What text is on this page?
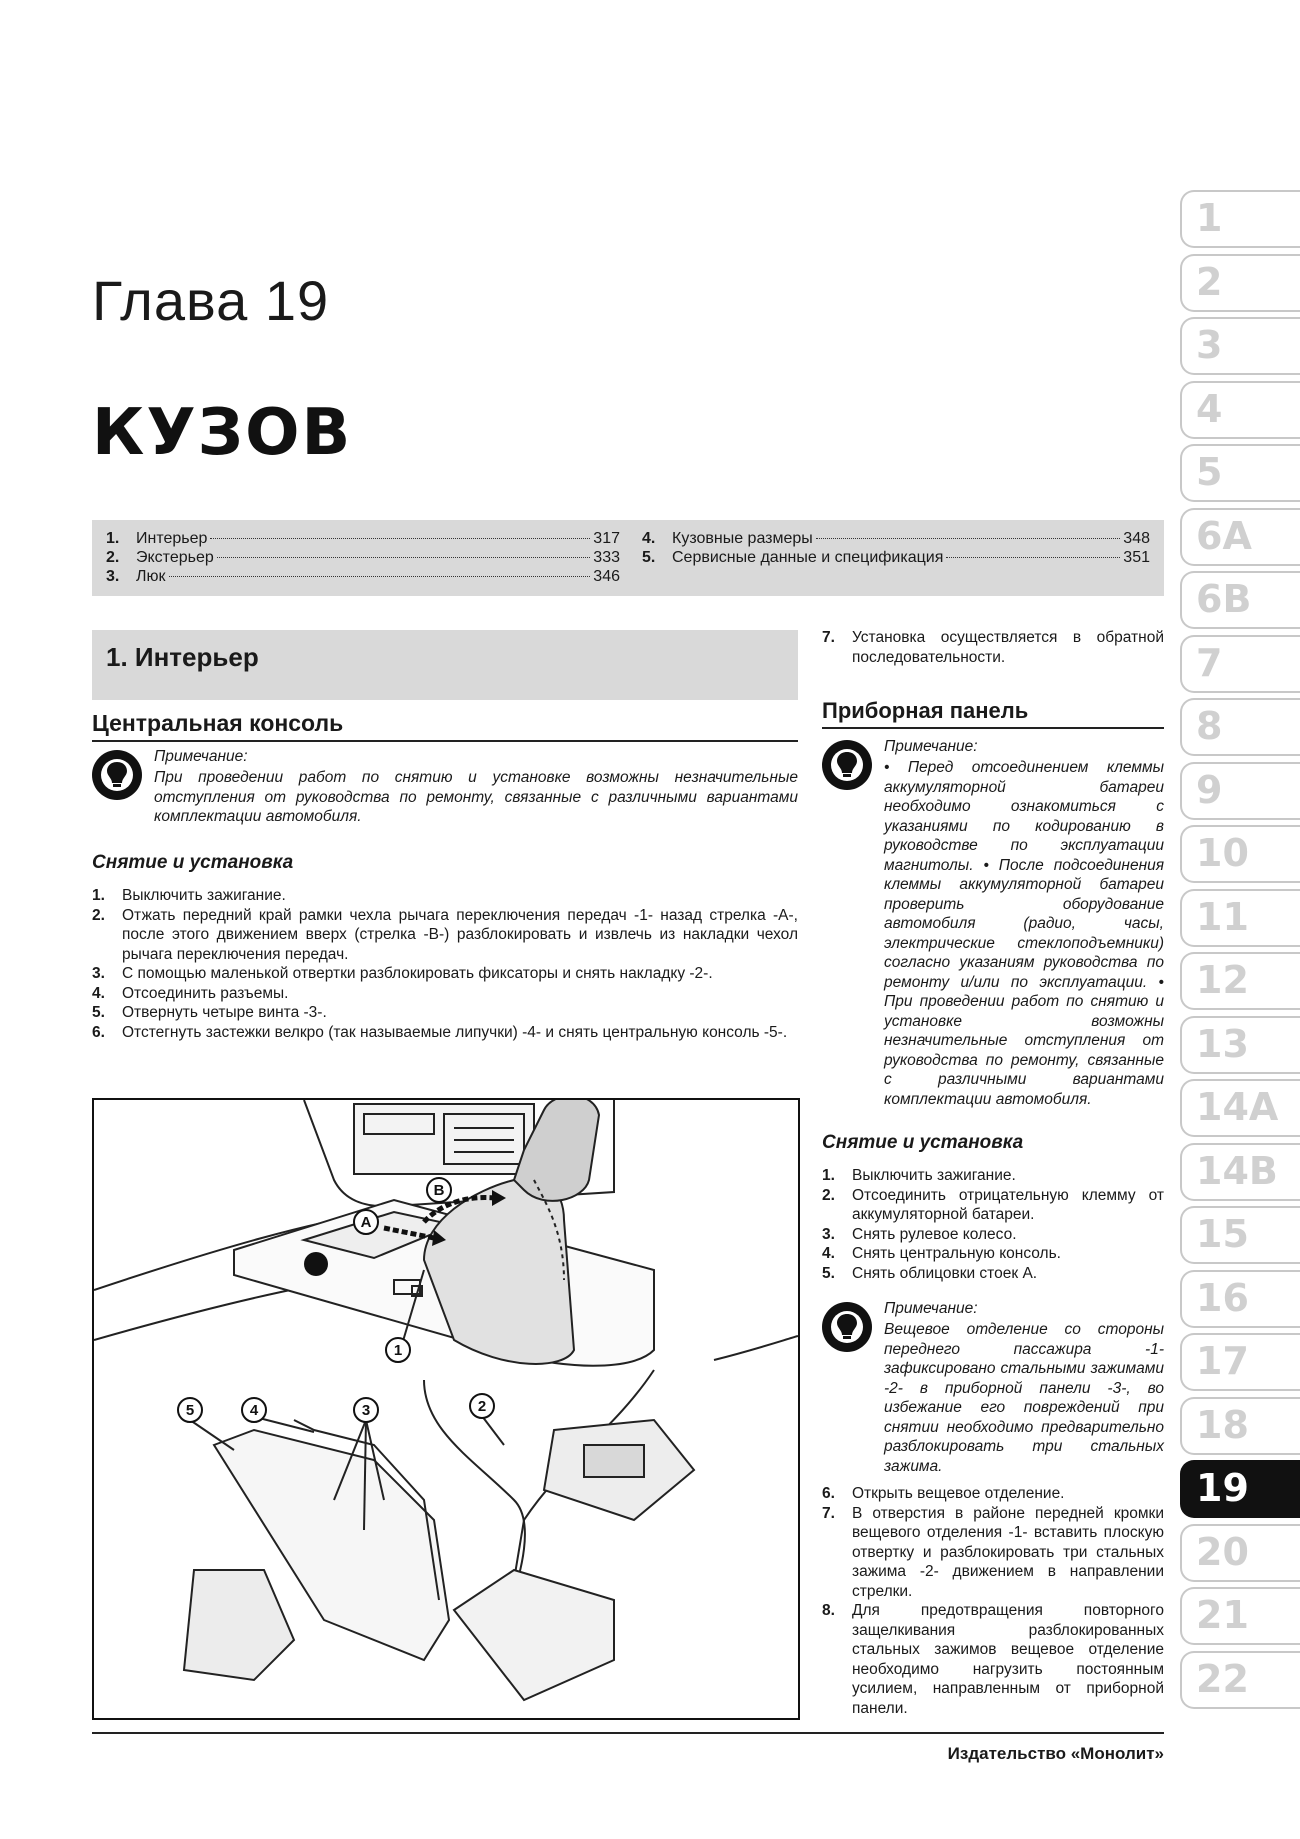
Глава 19
КУЗОВ
1.	Интерьер	317
2.	Экстерьер	333
3.	Люк	346
4.	Кузовные размеры	348
5.	Сервисные данные и спецификация	351
1. Интерьер
Центральная консоль
Примечание:
При проведении работ по снятию и установке возможны незначительные отступления от руководства по ремонту, связанные с различными вариантами комплектации автомобиля.
Снятие и установка
1.	Выключить зажигание.
2.	Отжать передний край рамки чехла рычага переключения передач -1- назад стрелка -А-, после этого движением вверх (стрелка -В-) разблокировать и извлечь из накладки чехол рычага переключения передач.
3.	С помощью маленькой отвертки разблокировать фиксаторы и снять накладку -2-.
4.	Отсоединить разъемы.
5.	Отвернуть четыре винта -3-.
6.	Отстегнуть застежки велкро (так называемые липучки) -4- и снять центральную консоль -5-.
A
B
1
2
3
4
5
7.	Установка осуществляется в обратной последовательности.
Приборная панель
Примечание:
• Перед отсоединением клеммы аккумуляторной батареи необходимо ознакомиться с указаниями по кодированию в руководстве по эксплуатации магнитолы. • После подсоединения клеммы аккумуляторной батареи проверить оборудование автомобиля (радио, часы, электрические стеклоподъемники) согласно указаниям руководства по ремонту и/или по эксплуатации. • При проведении работ по снятию и установке возможны незначительные отступления от руководства по ремонту, связанные с различными вариантами комплектации автомобиля.
Снятие и установка
1.	Выключить зажигание.
2.	Отсоединить отрицательную клемму от аккумуляторной батареи.
3.	Снять рулевое колесо.
4.	Снять центральную консоль.
5.	Снять облицовки стоек А.
Примечание:
Вещевое отделение со стороны переднего пассажира -1- зафиксировано стальными зажимами -2- в приборной панели -3-, во избежание его повреждений при снятии необходимо предварительно разблокировать три стальных зажима.
6.	Открыть вещевое отделение.
7.	В отверстия в районе передней кромки вещевого отделения -1- вставить плоскую отвертку и разблокировать три стальных зажима -2- движением в направлении стрелки.
8.	Для предотвращения повторного защелкивания разблокированных стальных зажимов вещевое отделение необходимо нагрузить постоянным усилием, направленным от приборной панели.
1
2
3
4
5
6A
6B
7
8
9
10
11
12
13
14A
14B
15
16
17
18
19
20
21
22
Издательство «Монолит»
